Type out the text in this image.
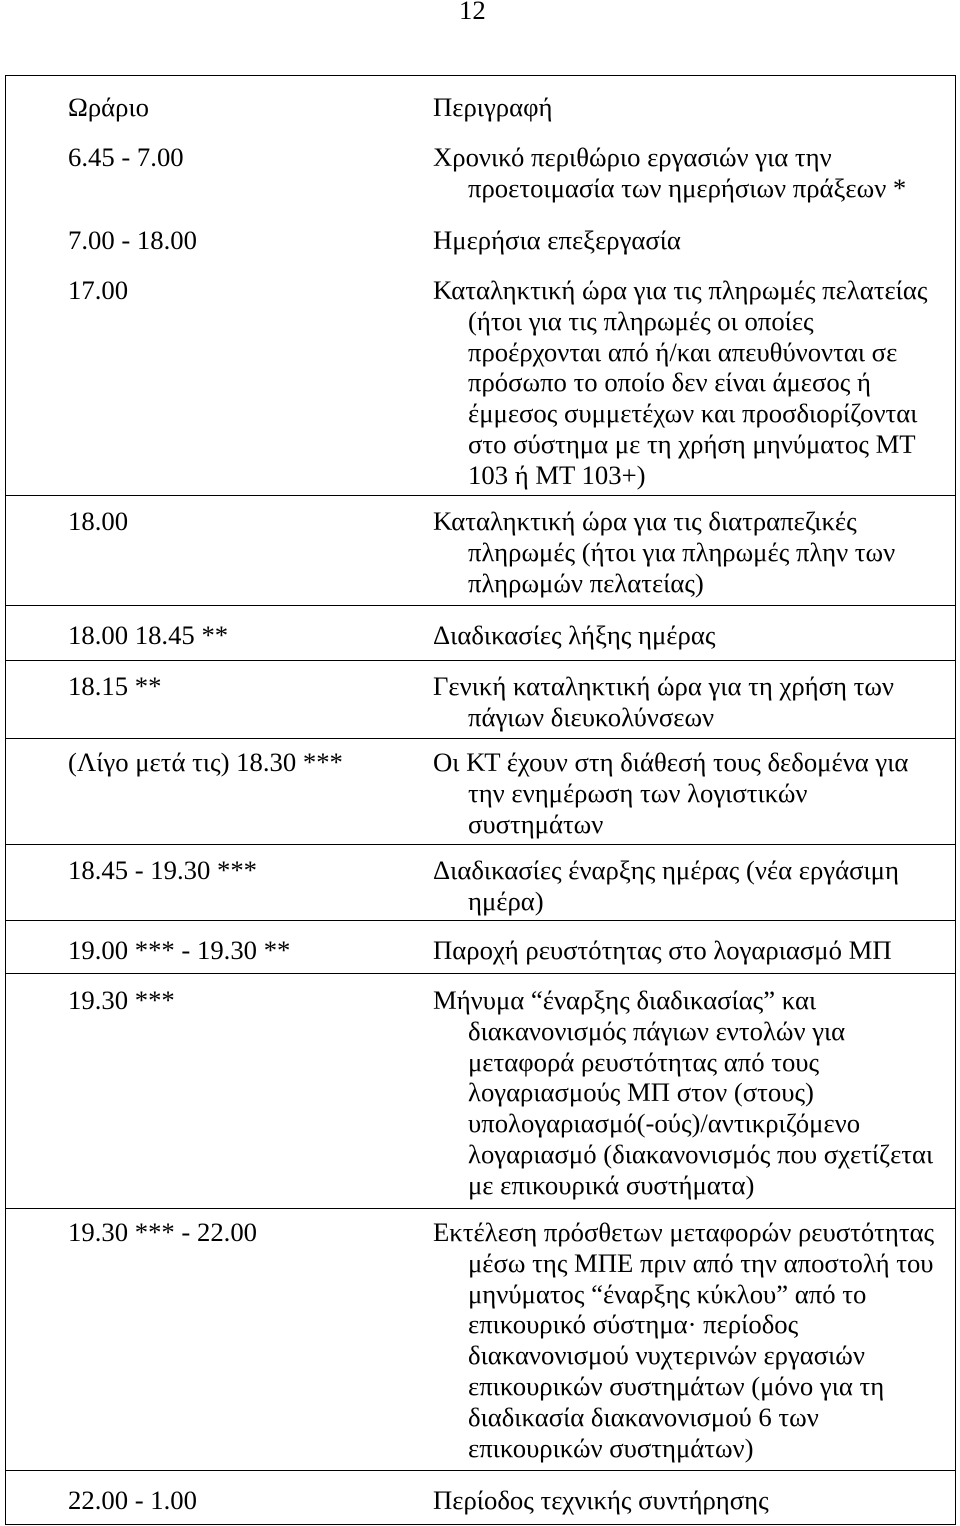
12
Ωράριο	Περιγραφή
6.45 - 7.00	Χρονικό περιθώριο εργασιών για την
προετοιμασία των ημερήσιων πράξεων *
7.00 - 18.00	Ημερήσια επεξεργασία
17.00	Καταληκτική ώρα για τις πληρωμές πελατείας
(ήτοι για τις πληρωμές οι οποίες
προέρχονται από ή/και απευθύνονται σε
πρόσωπο το οποίο δεν είναι άμεσος ή
έμμεσος συμμετέχων και προσδιορίζονται
στο σύστημα με τη χρήση μηνύματος ΜΤ
103 ή ΜΤ 103+)
18.00	Καταληκτική ώρα για τις διατραπεζικές
πληρωμές (ήτοι για πληρωμές πλην των
πληρωμών πελατείας)
18.00 18.45 **	Διαδικασίες λήξης ημέρας
18.15 **	Γενική καταληκτική ώρα για τη χρήση των
πάγιων διευκολύνσεων
(Λίγο μετά τις) 18.30 ***	Οι ΚΤ έχουν στη διάθεσή τους δεδομένα για
την ενημέρωση των λογιστικών
συστημάτων
18.45 - 19.30 ***	Διαδικασίες έναρξης ημέρας (νέα εργάσιμη
ημέρα)
19.00 *** - 19.30 **	Παροχή ρευστότητας στο λογαριασμό ΜΠ
19.30 ***	Μήνυμα “έναρξης διαδικασίας” και
διακανονισμός πάγιων εντολών για
μεταφορά ρευστότητας από τους
λογαριασμούς ΜΠ στον (στους)
υπολογαριασμό(-ούς)/αντικριζόμενο
λογαριασμό (διακανονισμός που σχετίζεται
με επικουρικά συστήματα)
19.30 *** - 22.00	Εκτέλεση πρόσθετων μεταφορών ρευστότητας
μέσω της ΜΠΕ πριν από την αποστολή του
μηνύματος “έναρξης κύκλου” από το
επικουρικό σύστημα· περίοδος
διακανονισμού νυχτερινών εργασιών
επικουρικών συστημάτων (μόνο για τη
διαδικασία διακανονισμού 6 των
επικουρικών συστημάτων)
22.00 - 1.00	Περίοδος τεχνικής συντήρησης
